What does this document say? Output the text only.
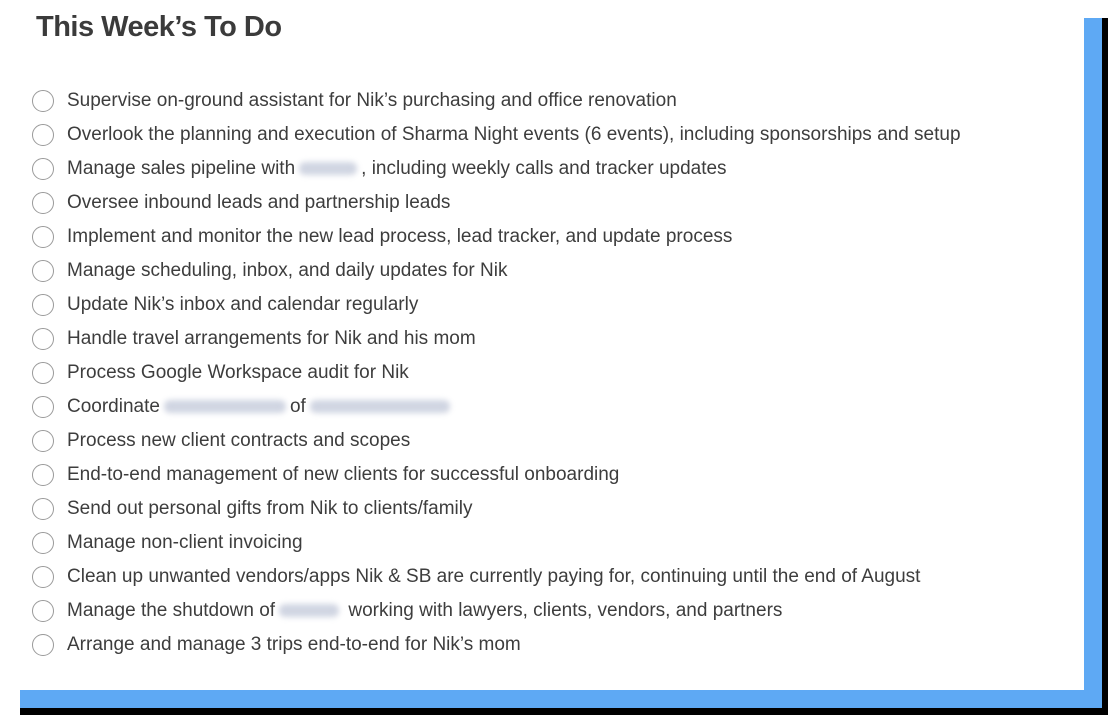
This Week’s To Do
Supervise on-ground assistant for Nik’s purchasing and office renovation
Overlook the planning and execution of Sharma Night events (6 events), including sponsorships and setup
Manage sales pipeline with	, including weekly calls and tracker updates
Oversee inbound leads and partnership leads
Implement and monitor the new lead process, lead tracker, and update process
Manage scheduling, inbox, and daily updates for Nik
Update Nik’s inbox and calendar regularly
Handle travel arrangements for Nik and his mom
Process Google Workspace audit for Nik
Coordinate	of
Process new client contracts and scopes
End-to-end management of new clients for successful onboarding
Send out personal gifts from Nik to clients/family
Manage non-client invoicing
Clean up unwanted vendors/apps Nik & SB are currently paying for, continuing until the end of August
Manage the shutdown of	working with lawyers, clients, vendors, and partners
Arrange and manage 3 trips end-to-end for Nik’s mom
